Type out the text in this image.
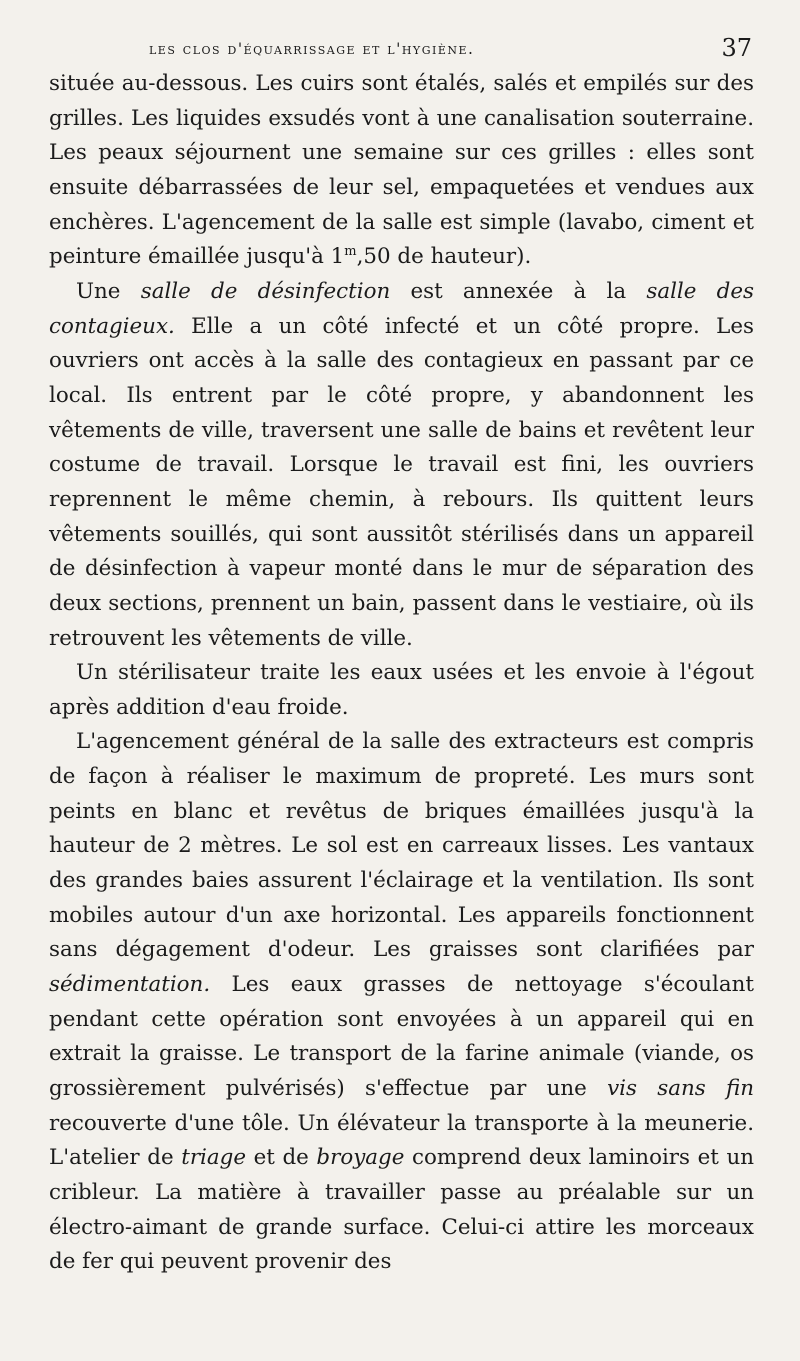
les clos d'équarrissage et l'hygiène.	37

située au-dessous. Les cuirs sont étalés, salés et empilés sur des grilles. Les liquides exsudés vont à une canalisation souterraine. Les peaux séjournent une semaine sur ces grilles : elles sont ensuite débarrassées de leur sel, empaquetées et vendues aux enchères. L'agencement de la salle est simple (lavabo, ciment et peinture émaillée jusqu'à 1$^m$,50 de hauteur).

Une salle de désinfection est annexée à la salle des contagieux. Elle a un côté infecté et un côté propre. Les ouvriers ont accès à la salle des contagieux en passant par ce local. Ils entrent par le côté propre, y abandonnent les vêtements de ville, traversent une salle de bains et revêtent leur costume de travail. Lorsque le travail est fini, les ouvriers reprennent le même chemin, à rebours. Ils quittent leurs vêtements souillés, qui sont aussitôt stérilisés dans un appareil de désinfection à vapeur monté dans le mur de séparation des deux sections, prennent un bain, passent dans le vestiaire, où ils retrouvent les vêtements de ville.

Un stérilisateur traite les eaux usées et les envoie à l'égout après addition d'eau froide.

L'agencement général de la salle des extracteurs est compris de façon à réaliser le maximum de propreté. Les murs sont peints en blanc et revêtus de briques émaillées jusqu'à la hauteur de 2 mètres. Le sol est en carreaux lisses. Les vantaux des grandes baies assurent l'éclairage et la ventilation. Ils sont mobiles autour d'un axe horizontal. Les appareils fonctionnent sans dégagement d'odeur. Les graisses sont clarifiées par sédimentation. Les eaux grasses de nettoyage s'écoulant pendant cette opération sont envoyées à un appareil qui en extrait la graisse. Le transport de la farine animale (viande, os grossièrement pulvérisés) s'effectue par une vis sans fin recouverte d'une tôle. Un élévateur la transporte à la meunerie. L'atelier de triage et de broyage comprend deux laminoirs et un cribleur. La matière à travailler passe au préalable sur un électro-aimant de grande surface. Celui-ci attire les morceaux de fer qui peuvent provenir des
